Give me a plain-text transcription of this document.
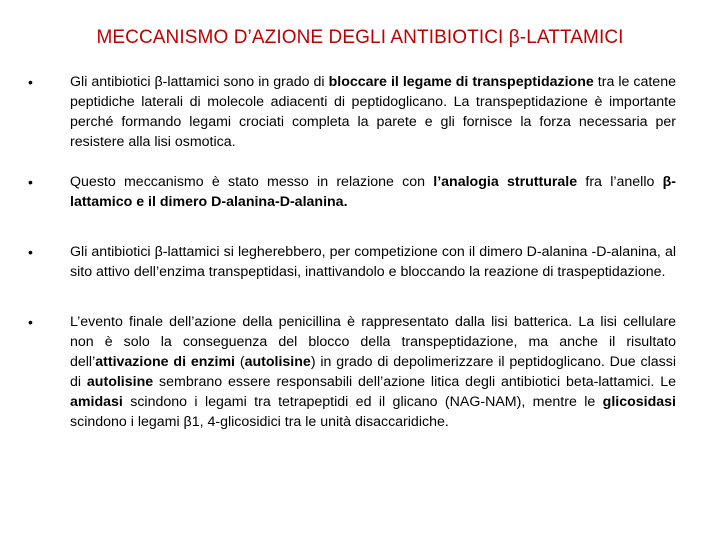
MECCANISMO D’AZIONE DEGLI ANTIBIOTICI β-LATTAMICI
•	Gli antibiotici β-lattamici sono in grado di bloccare il legame di transpeptidazione tra le catene peptidiche laterali di molecole adiacenti di peptidoglicano. La transpeptidazione è importante perché formando legami crociati completa la parete e gli fornisce la forza necessaria per resistere alla lisi osmotica.
•	Questo meccanismo è stato messo in relazione con l’analogia strutturale fra l’anello β-lattamico e il dimero D-alanina-D-alanina.
•	Gli antibiotici β-lattamici si legherebbero, per competizione con il dimero D-alanina -D-alanina, al sito attivo dell’enzima transpeptidasi, inattivandolo e bloccando la reazione di traspeptidazione.
•	L’evento finale dell’azione della penicillina è rappresentato dalla lisi batterica. La lisi cellulare non è solo la conseguenza del blocco della transpeptidazione, ma anche il risultato dell’attivazione di enzimi (autolisine) in grado di depolimerizzare il peptidoglicano. Due classi di autolisine sembrano essere responsabili dell’azione litica degli antibiotici beta-lattamici. Le amidasi scindono i legami tra tetrapeptidi ed il glicano (NAG-NAM), mentre le glicosidasi scindono i legami β1, 4-glicosidici tra le unità disaccaridiche.
